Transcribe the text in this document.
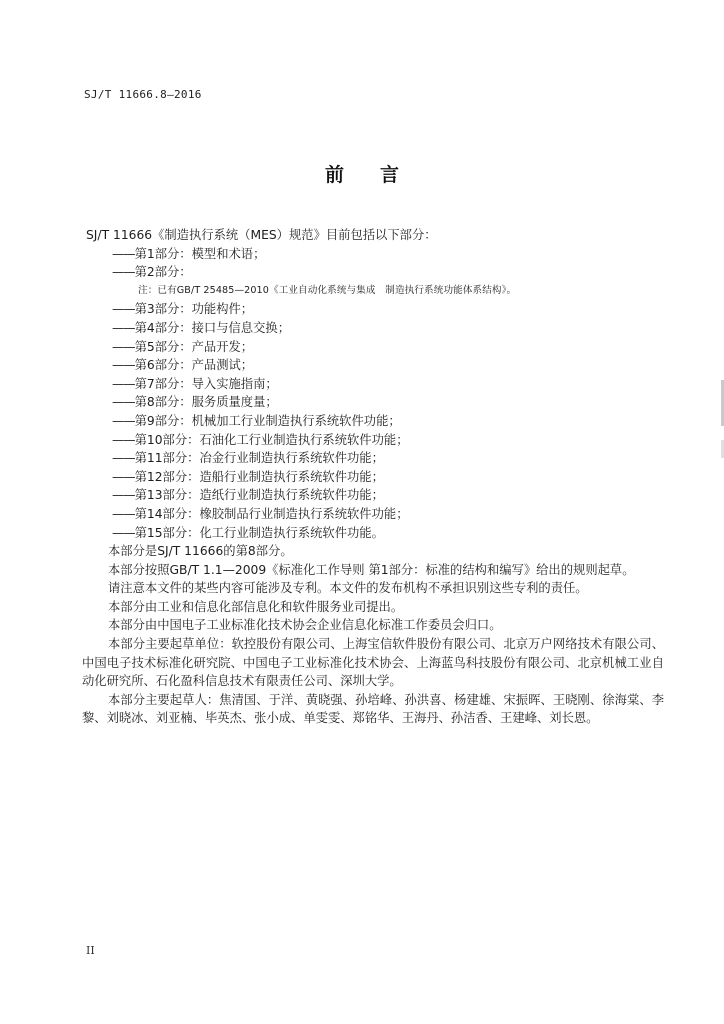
SJ/T 11666.8—2016
前言
SJ/T 11666《制造执行系统（MES）规范》目前包括以下部分：
——第1部分：模型和术语；
——第2部分：
注：已有GB/T 25485—2010《工业自动化系统与集成　制造执行系统功能体系结构》。
——第3部分：功能构件；
——第4部分：接口与信息交换；
——第5部分：产品开发；
——第6部分：产品测试；
——第7部分：导入实施指南；
——第8部分：服务质量度量；
——第9部分：机械加工行业制造执行系统软件功能；
——第10部分：石油化工行业制造执行系统软件功能；
——第11部分：冶金行业制造执行系统软件功能；
——第12部分：造船行业制造执行系统软件功能；
——第13部分：造纸行业制造执行系统软件功能；
——第14部分：橡胶制品行业制造执行系统软件功能；
——第15部分：化工行业制造执行系统软件功能。
本部分是SJ/T 11666的第8部分。
本部分按照GB/T 1.1—2009《标准化工作导则 第1部分：标准的结构和编写》给出的规则起草。
请注意本文件的某些内容可能涉及专利。本文件的发布机构不承担识别这些专利的责任。
本部分由工业和信息化部信息化和软件服务业司提出。
本部分由中国电子工业标准化技术协会企业信息化标准工作委员会归口。
本部分主要起草单位：软控股份有限公司、上海宝信软件股份有限公司、北京万户网络技术有限公司、中国电子技术标准化研究院、中国电子工业标准化技术协会、上海蓝鸟科技股份有限公司、北京机械工业自动化研究所、石化盈科信息技术有限责任公司、深圳大学。
本部分主要起草人：焦清国、于洋、黄晓强、孙培峰、孙洪喜、杨建雄、宋振晖、王晓刚、徐海棠、李黎、刘晓冰、刘亚楠、毕英杰、张小成、单雯雯、郑铭华、王海丹、孙洁香、王建峰、刘长恩。
II
